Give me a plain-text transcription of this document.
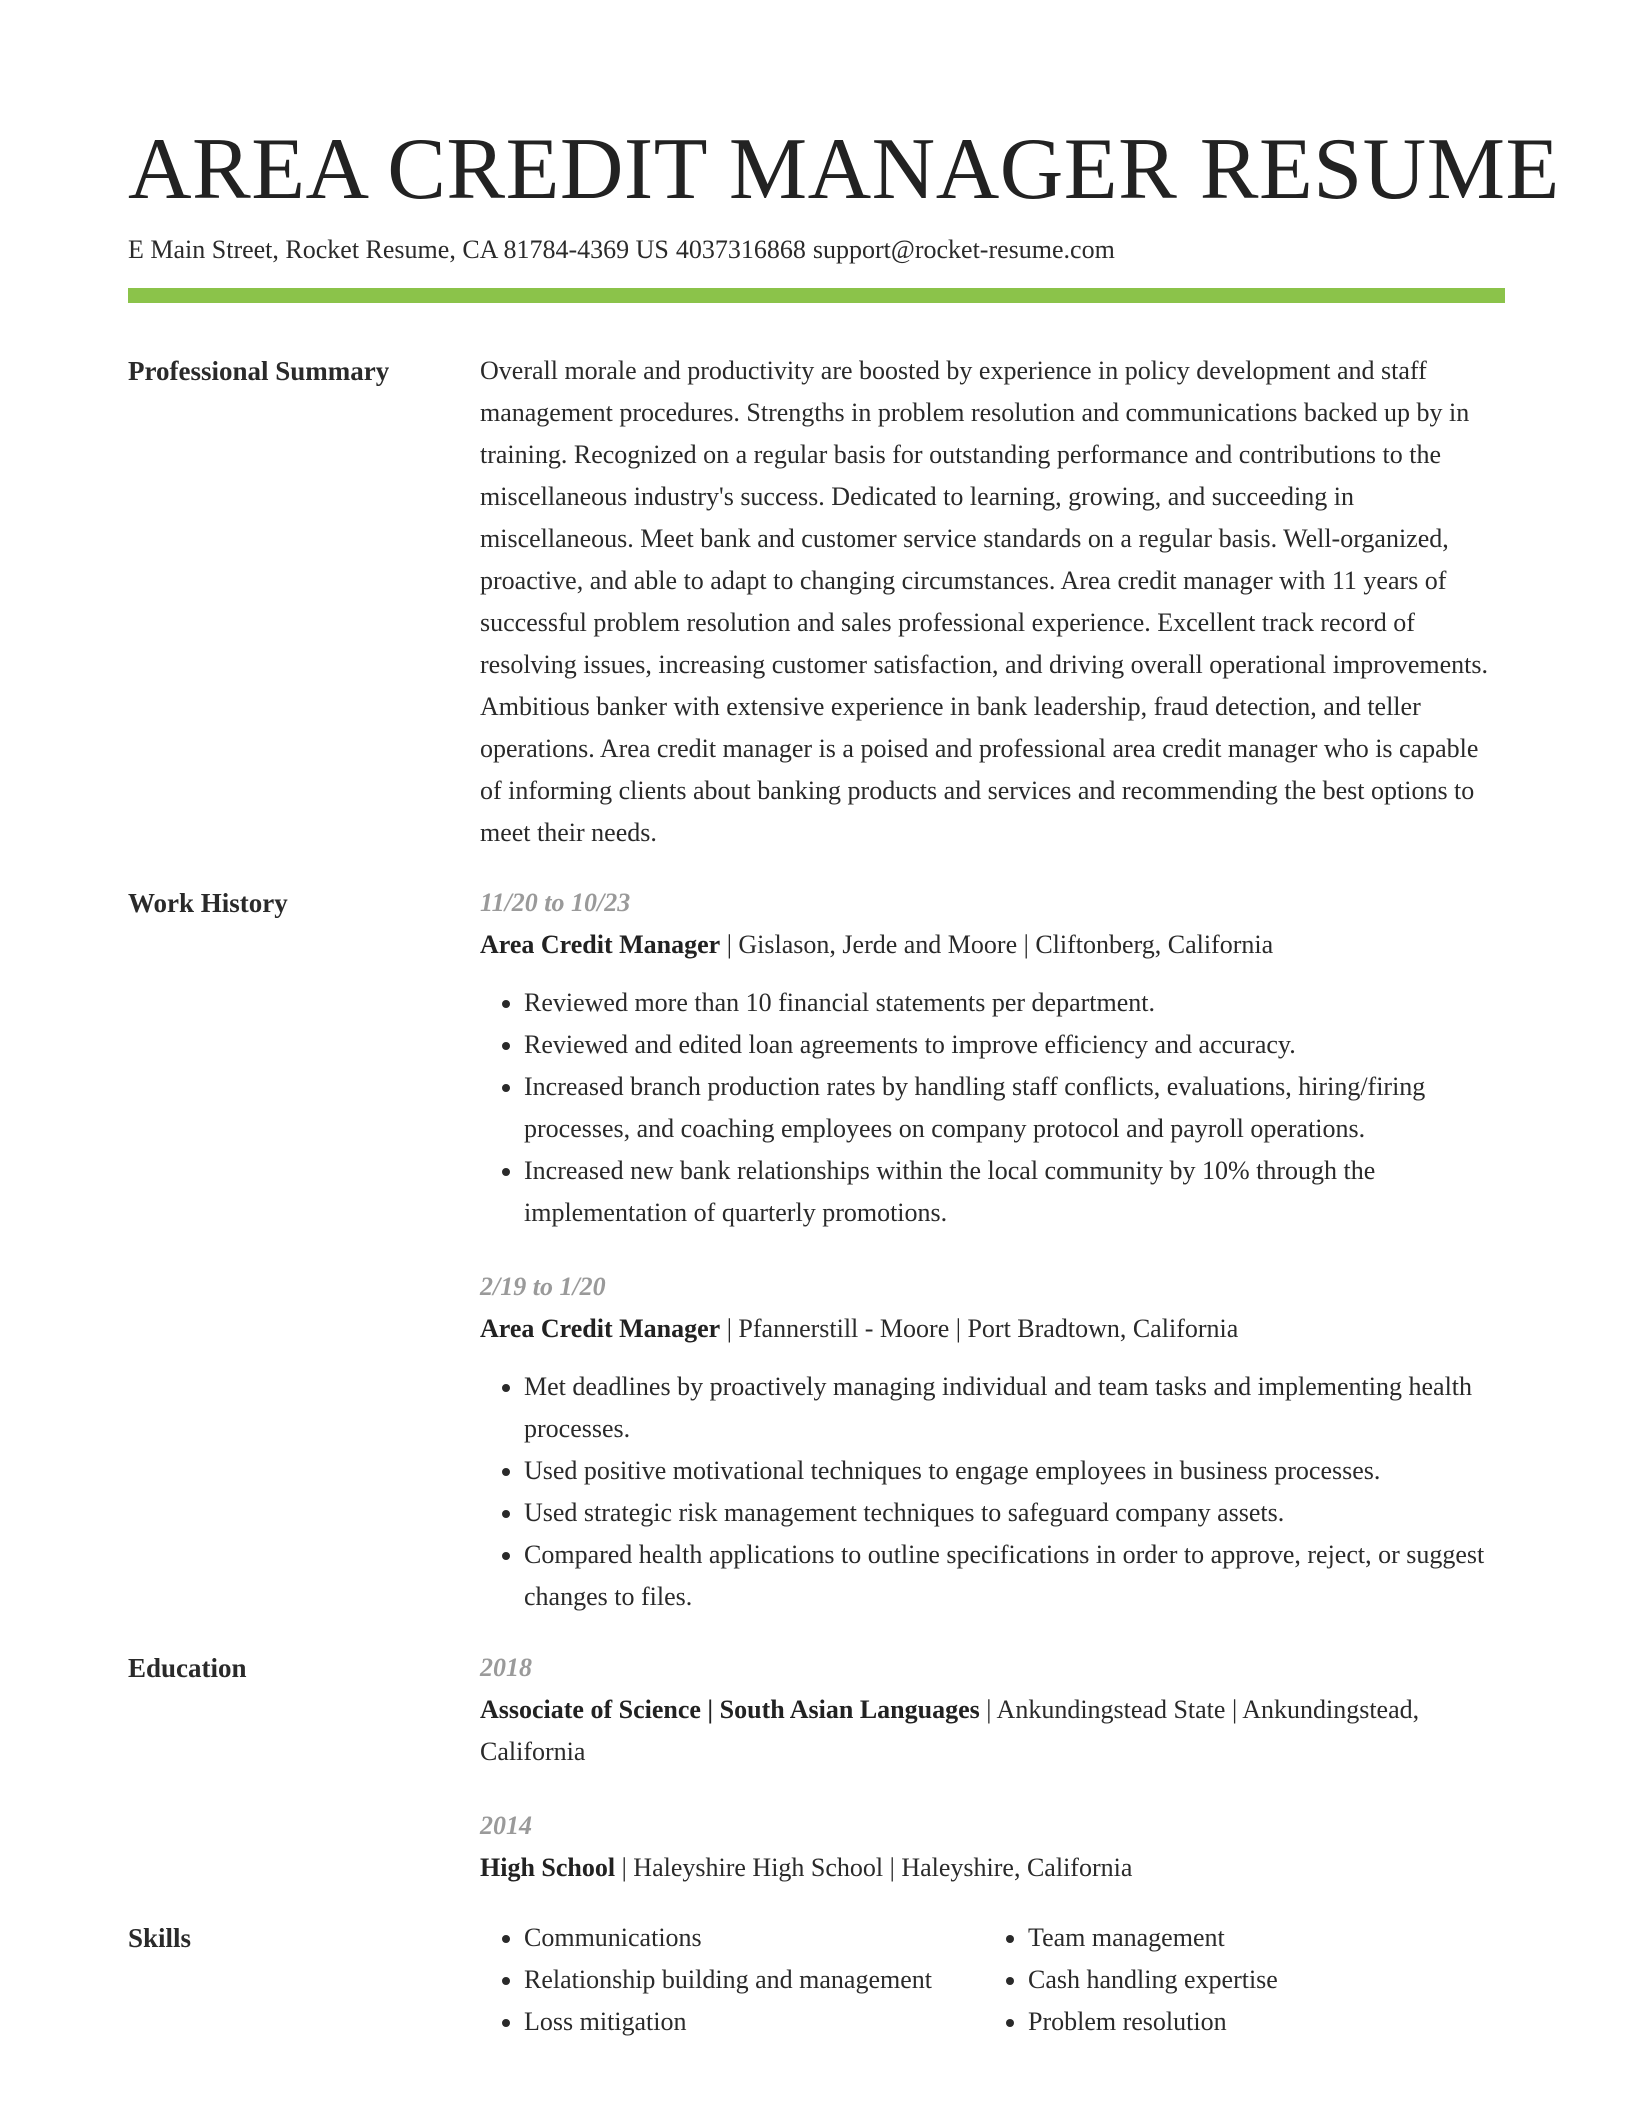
AREA CREDIT MANAGER RESUME
E Main Street, Rocket Resume, CA 81784-4369 US 4037316868 support@rocket-resume.com
Professional Summary	Overall morale and productivity are boosted by experience in policy development and staff management procedures. Strengths in problem resolution and communications backed up by in training. Recognized on a regular basis for outstanding performance and contributions to the miscellaneous industry's success. Dedicated to learning, growing, and succeeding in miscellaneous. Meet bank and customer service standards on a regular basis. Well-organized, proactive, and able to adapt to changing circumstances. Area credit manager with 11 years of successful problem resolution and sales professional experience. Excellent track record of resolving issues, increasing customer satisfaction, and driving overall operational improvements. Ambitious banker with extensive experience in bank leadership, fraud detection, and teller operations. Area credit manager is a poised and professional area credit manager who is capable of informing clients about banking products and services and recommending the best options to meet their needs.

Work History	11/20 to 10/23
Area Credit Manager | Gislason, Jerde and Moore | Cliftonberg, California
• Reviewed more than 10 financial statements per department.
• Reviewed and edited loan agreements to improve efficiency and accuracy.
• Increased branch production rates by handling staff conflicts, evaluations, hiring/firing processes, and coaching employees on company protocol and payroll operations.
• Increased new bank relationships within the local community by 10% through the implementation of quarterly promotions.
2/19 to 1/20
Area Credit Manager | Pfannerstill - Moore | Port Bradtown, California
• Met deadlines by proactively managing individual and team tasks and implementing health processes.
• Used positive motivational techniques to engage employees in business processes.
• Used strategic risk management techniques to safeguard company assets.
• Compared health applications to outline specifications in order to approve, reject, or suggest changes to files.
Education	2018
Associate of Science | South Asian Languages | Ankundingstead State | Ankundingstead, California
2014
High School | Haleyshire High School | Haleyshire, California
Skills
•	Communications
• Relationship building and management
• Loss mitigation
• Team management
• Cash handling expertise
• Problem resolution
